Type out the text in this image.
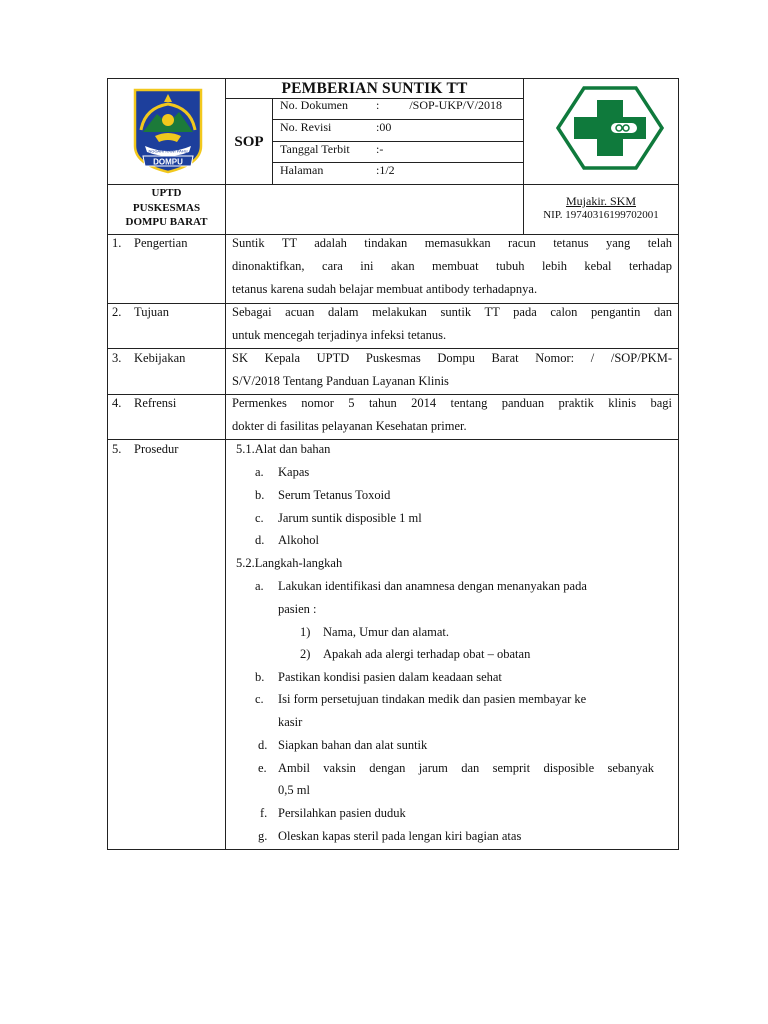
NGGAHI RAWI PAHU
DOMPU
PEMBERIAN SUNTIK TT
SOP
No. Dokumen :          /SOP-UKP/V/2018
No. Revisi	:00
Tanggal Terbit :-
Halaman	:1/2
UPTD
PUSKESMAS
DOMPU BARAT
Mujakir. SKM
NIP. 19740316199702001
1. Pengertian	Suntik TT adalah tindakan memasukkan racun tetanus yang telah
dinonaktifkan, cara ini akan membuat tubuh lebih kebal terhadap
tetanus karena sudah belajar membuat antibody terhadapnya.
2. Tujuan	Sebagai acuan dalam melakukan suntik TT pada calon pengantin dan
untuk mencegah terjadinya infeksi tetanus.
3. Kebijakan	SK Kepala UPTD Puskesmas Dompu Barat Nomor: / /SOP/PKM-
S/V/2018 Tentang Panduan Layanan Klinis
4. Refrensi	Permenkes nomor 5 tahun 2014 tentang panduan praktik klinis bagi
dokter di fasilitas pelayanan Kesehatan primer.
5. Prosedur	5.1.Alat dan bahan
a. Kapas
b. Serum Tetanus Toxoid
c. Jarum suntik disposible 1 ml
d. Alkohol
5.2.Langkah-langkah
a. Lakukan identifikasi dan anamnesa dengan menanyakan pada
pasien :
1) Nama, Umur dan alamat.
2) Apakah ada alergi terhadap obat – obatan
b. Pastikan kondisi pasien dalam keadaan sehat
c. Isi form persetujuan tindakan medik dan pasien membayar ke
kasir
d. Siapkan bahan dan alat suntik
e. Ambil vaksin dengan jarum dan semprit disposible sebanyak
0,5 ml
f. Persilahkan pasien duduk
g. Oleskan kapas steril pada lengan kiri bagian atas
